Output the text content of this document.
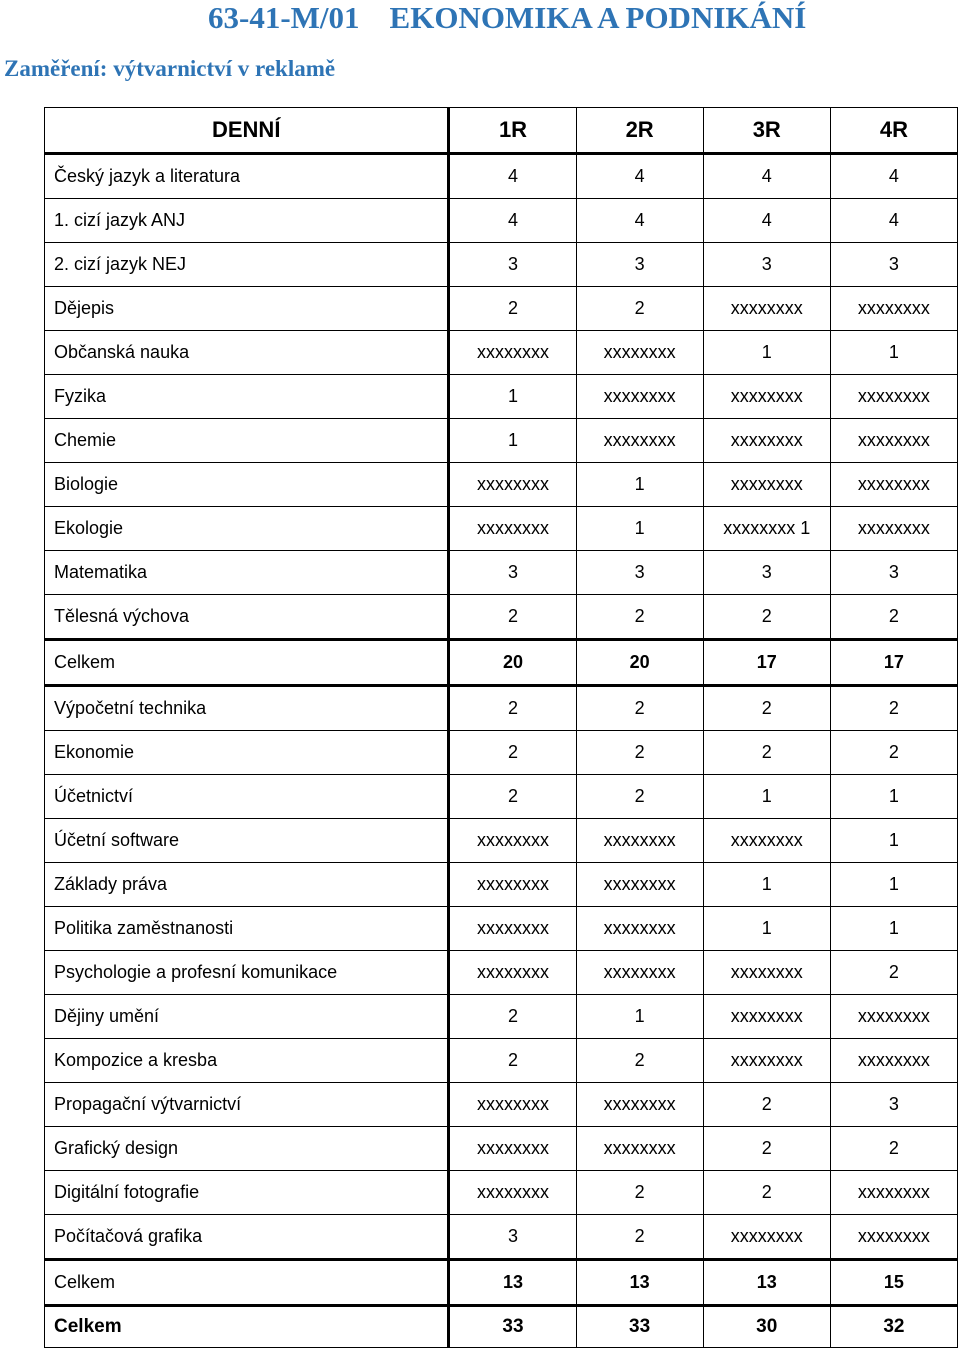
63-41-M/01 EKONOMIKA A PODNIKÁNÍ
Zaměření: výtvarnictví v reklamě
DENNÍ	1R	2R	3R	4R
Český jazyk a literatura	4	4	4	4
1. cizí jazyk ANJ	4	4	4	4
2. cizí jazyk NEJ	3	3	3	3
Dějepis	2	2	xxxxxxxx	xxxxxxxx
Občanská nauka	xxxxxxxx	xxxxxxxx	1	1
Fyzika	1	xxxxxxxx	xxxxxxxx	xxxxxxxx
Chemie	1	xxxxxxxx	xxxxxxxx	xxxxxxxx
Biologie	xxxxxxxx	1	xxxxxxxx	xxxxxxxx
Ekologie	xxxxxxxx	1	xxxxxxxx 1	xxxxxxxx
Matematika	3	3	3	3
Tělesná výchova	2	2	2	2
Celkem	20	20	17	17
Výpočetní technika	2	2	2	2
Ekonomie	2	2	2	2
Účetnictví	2	2	1	1
Účetní software	xxxxxxxx	xxxxxxxx	xxxxxxxx	1
Základy práva	xxxxxxxx	xxxxxxxx	1	1
Politika zaměstnanosti	xxxxxxxx	xxxxxxxx	1	1
Psychologie a profesní komunikace	xxxxxxxx	xxxxxxxx	xxxxxxxx	2
Dějiny umění	2	1	xxxxxxxx	xxxxxxxx
Kompozice a kresba	2	2	xxxxxxxx	xxxxxxxx
Propagační výtvarnictví	xxxxxxxx	xxxxxxxx	2	3
Grafický design	xxxxxxxx	xxxxxxxx	2	2
Digitální fotografie	xxxxxxxx	2	2	xxxxxxxx
Počítačová grafika	3	2	xxxxxxxx	xxxxxxxx
Celkem	13	13	13	15
Celkem	33	33	30	32
